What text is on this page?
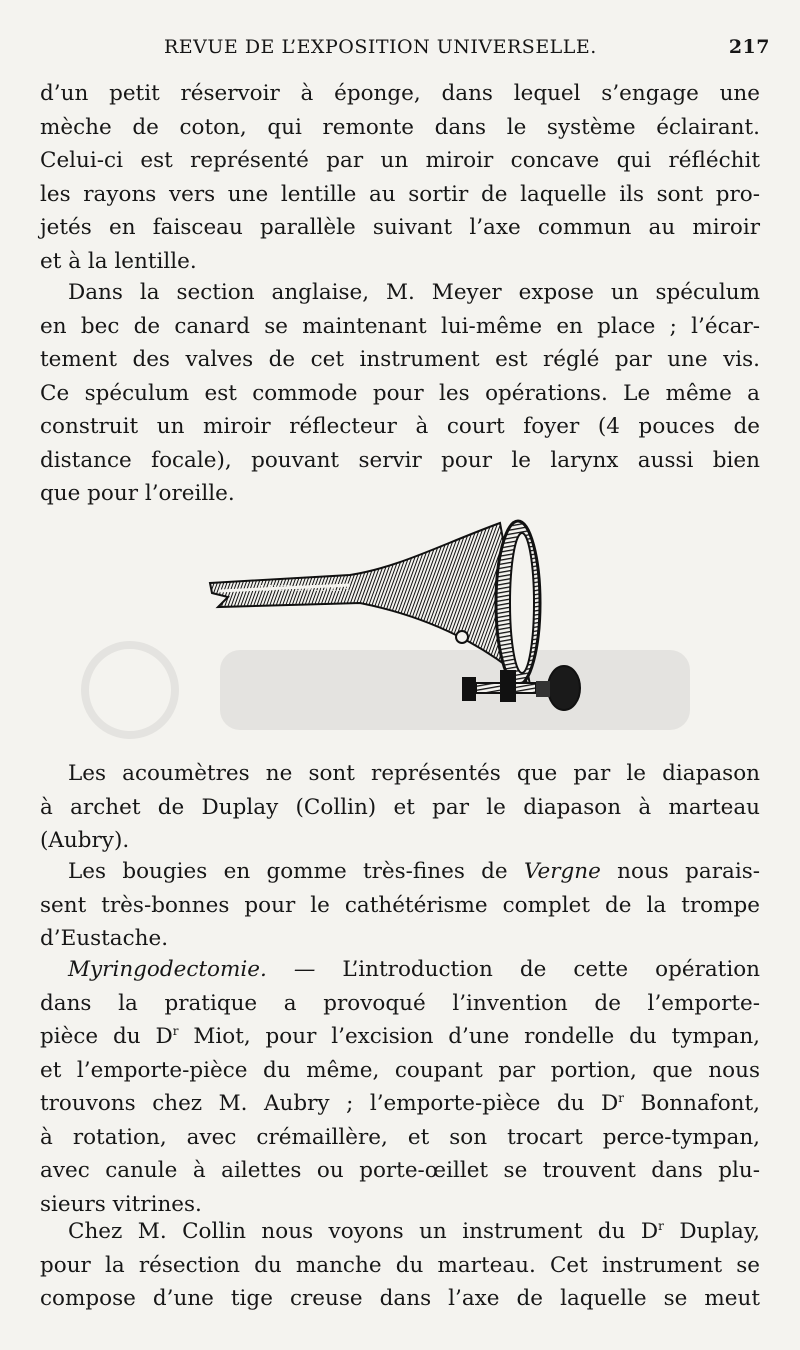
REVUE DE L’EXPOSITION UNIVERSELLE.	217

d’un petit réservoir à éponge, dans lequel s’engage une
mèche de coton, qui remonte dans le système éclairant.
Celui-ci est représenté par un miroir concave qui réfléchit
les rayons vers une lentille au sortir de laquelle ils sont pro-
jetés en faisceau parallèle suivant l’axe commun au miroir
et à la lentille.

Dans la section anglaise, M. Meyer expose un spéculum
en bec de canard se maintenant lui-même en place ; l’écar-
tement des valves de cet instrument est réglé par une vis.
Ce spéculum est commode pour les opérations. Le même a
construit un miroir réflecteur à court foyer (4 pouces de
distance focale), pouvant servir pour le larynx aussi bien
que pour l’oreille.

MAYER & MELTZER

Les acoumètres ne sont représentés que par le diapason
à archet de Duplay (Collin) et par le diapason à marteau
(Aubry).

Les bougies en gomme très-fines de Vergne nous parais-
sent très-bonnes pour le cathétérisme complet de la trompe
d’Eustache.

Myringodectomie. — L’introduction de cette opération
dans la pratique a provoqué l’invention de l’emporte-
pièce du $D^r$ Miot, pour l’excision d’une rondelle du tympan,
et l’emporte-pièce du même, coupant par portion, que nous
trouvons chez M. Aubry ; l’emporte-pièce du $D^r$ Bonnafont,
à rotation, avec crémaillère, et son trocart perce-tympan,
avec canule à ailettes ou porte-œillet se trouvent dans plu-
sieurs vitrines.

Chez M. Collin nous voyons un instrument du $D^r$ Duplay,
pour la résection du manche du marteau. Cet instrument se
compose d’une tige creuse dans l’axe de laquelle se meut
